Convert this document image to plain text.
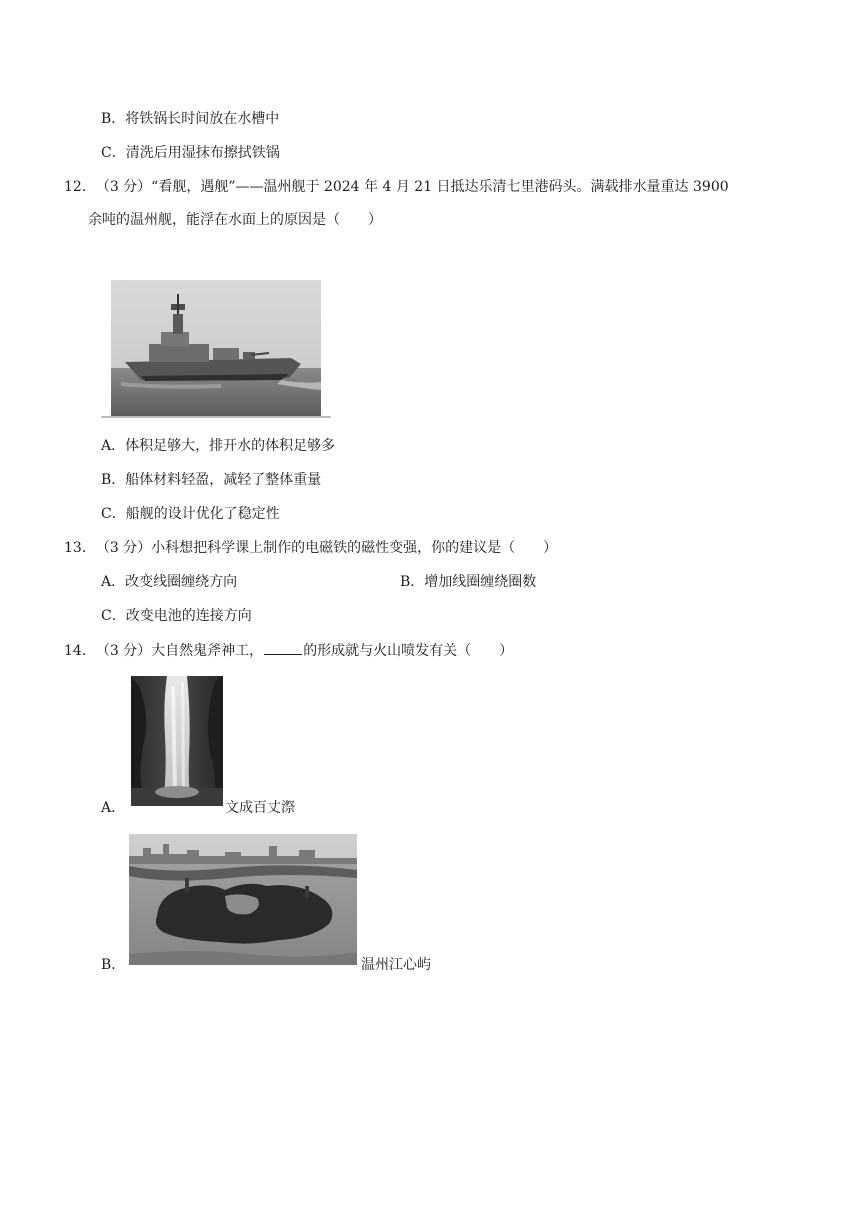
B．将铁锅长时间放在水槽中
C．清洗后用湿抹布擦拭铁锅
12．（3 分）“看舰，遇舰”——温州舰于 2024 年 4 月 21 日抵达乐清七里港码头。满载排水量重达 3900
余吨的温州舰，能浮在水面上的原因是（　　）
A．体积足够大，排开水的体积足够多
B．船体材料轻盈，减轻了整体重量
C．船舰的设计优化了稳定性
13．（3 分）小科想把科学课上制作的电磁铁的磁性变强，你的建议是（　　）
A．改变线圈缠绕方向	B．增加线圈缠绕圈数
C．改变电池的连接方向
14．（3 分）大自然鬼斧神工，	的形成就与火山喷发有关（　　）
A．	文成百丈漈
B．	温州江心屿
